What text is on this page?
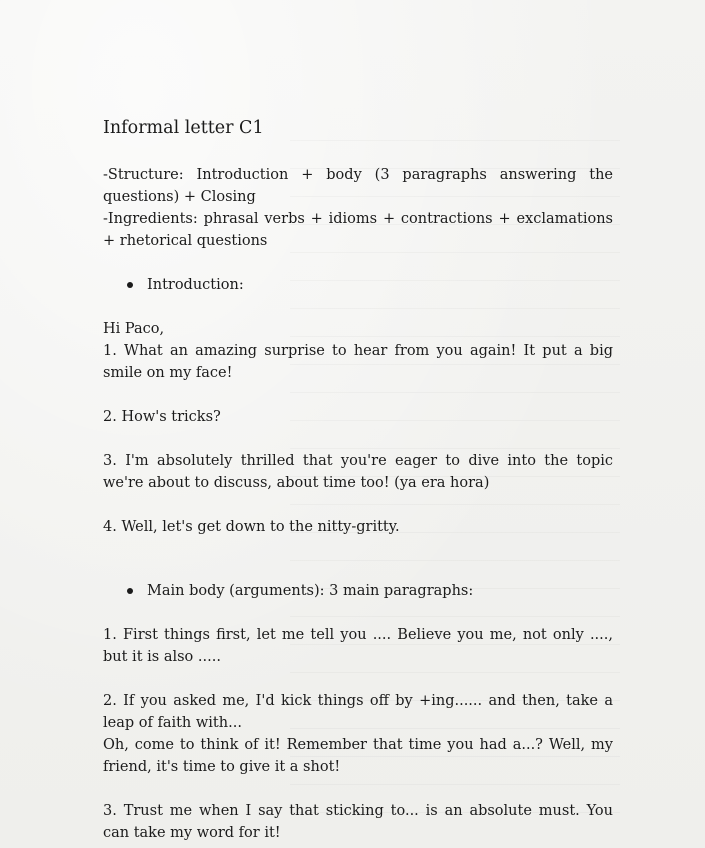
Informal letter C1

-Structure: Introduction + body (3 paragraphs answering the questions) + Closing

-Ingredients: phrasal verbs + idioms + contractions + exclamations + rhetorical questions

Introduction:

Hi Paco,

1. What an amazing surprise to hear from you again! It put a big smile on my face!

2. How's tricks?

3. I'm absolutely thrilled that you're eager to dive into the topic we're about to discuss, about time too! (ya era hora)

4. Well, let's get down to the nitty-gritty.

Main body (arguments): 3 main paragraphs:

1. First things first, let me tell you .... Believe you me, not only ...., but it is also .....

2. If you asked me, I'd kick things off by +ing...... and then, take a leap of faith with...

Oh, come to think of it! Remember that time you had a...? Well, my friend, it's time to give it a shot!

3. Trust me when I say that sticking to... is an absolute must. You can take my word for it!
